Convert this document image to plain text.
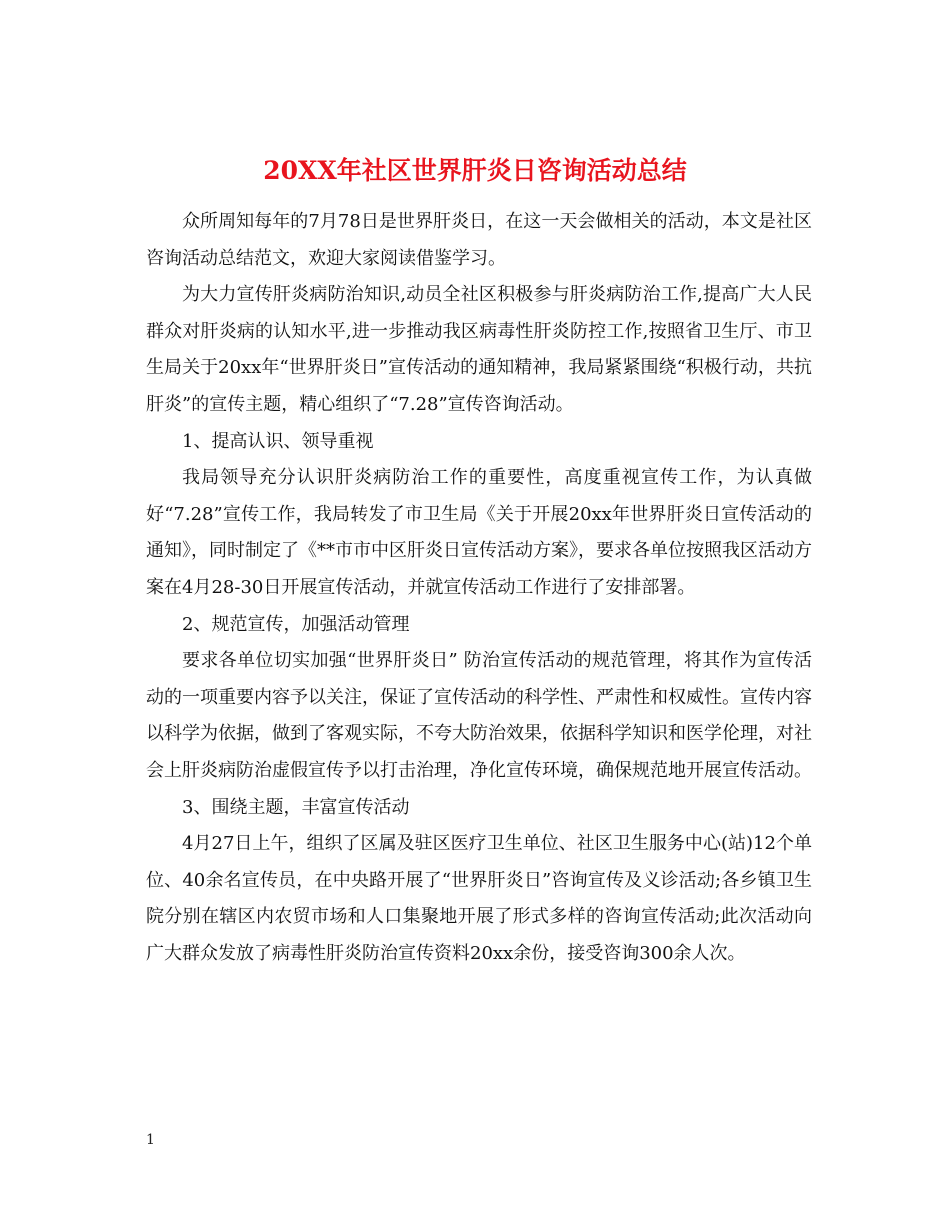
20XX年社区世界肝炎日咨询活动总结

众所周知每年的7月78日是世界肝炎日，在这一天会做相关的活动，本文是社区咨询活动总结范文，欢迎大家阅读借鉴学习。

为大力宣传肝炎病防治知识,动员全社区积极参与肝炎病防治工作,提高广大人民群众对肝炎病的认知水平,进一步推动我区病毒性肝炎防控工作,按照省卫生厅、市卫生局关于20xx年“世界肝炎日”宣传活动的通知精神，我局紧紧围绕“积极行动，共抗肝炎”的宣传主题，精心组织了“7.28”宣传咨询活动。

1、提高认识、领导重视

我局领导充分认识肝炎病防治工作的重要性，高度重视宣传工作，为认真做好“7.28”宣传工作，我局转发了市卫生局《关于开展20xx年世界肝炎日宣传活动的通知》，同时制定了《**市市中区肝炎日宣传活动方案》，要求各单位按照我区活动方案在4月28-30日开展宣传活动，并就宣传活动工作进行了安排部署。

2、规范宣传，加强活动管理

要求各单位切实加强“世界肝炎日” 防治宣传活动的规范管理，将其作为宣传活动的一项重要内容予以关注，保证了宣传活动的科学性、严肃性和权威性。宣传内容以科学为依据，做到了客观实际，不夸大防治效果，依据科学知识和医学伦理，对社会上肝炎病防治虚假宣传予以打击治理，净化宣传环境，确保规范地开展宣传活动。

3、围绕主题，丰富宣传活动

4月27日上午，组织了区属及驻区医疗卫生单位、社区卫生服务中心(站)12个单位、40余名宣传员，在中央路开展了“世界肝炎日”咨询宣传及义诊活动;各乡镇卫生院分别在辖区内农贸市场和人口集聚地开展了形式多样的咨询宣传活动;此次活动向广大群众发放了病毒性肝炎防治宣传资料20xx余份，接受咨询300余人次。

1
